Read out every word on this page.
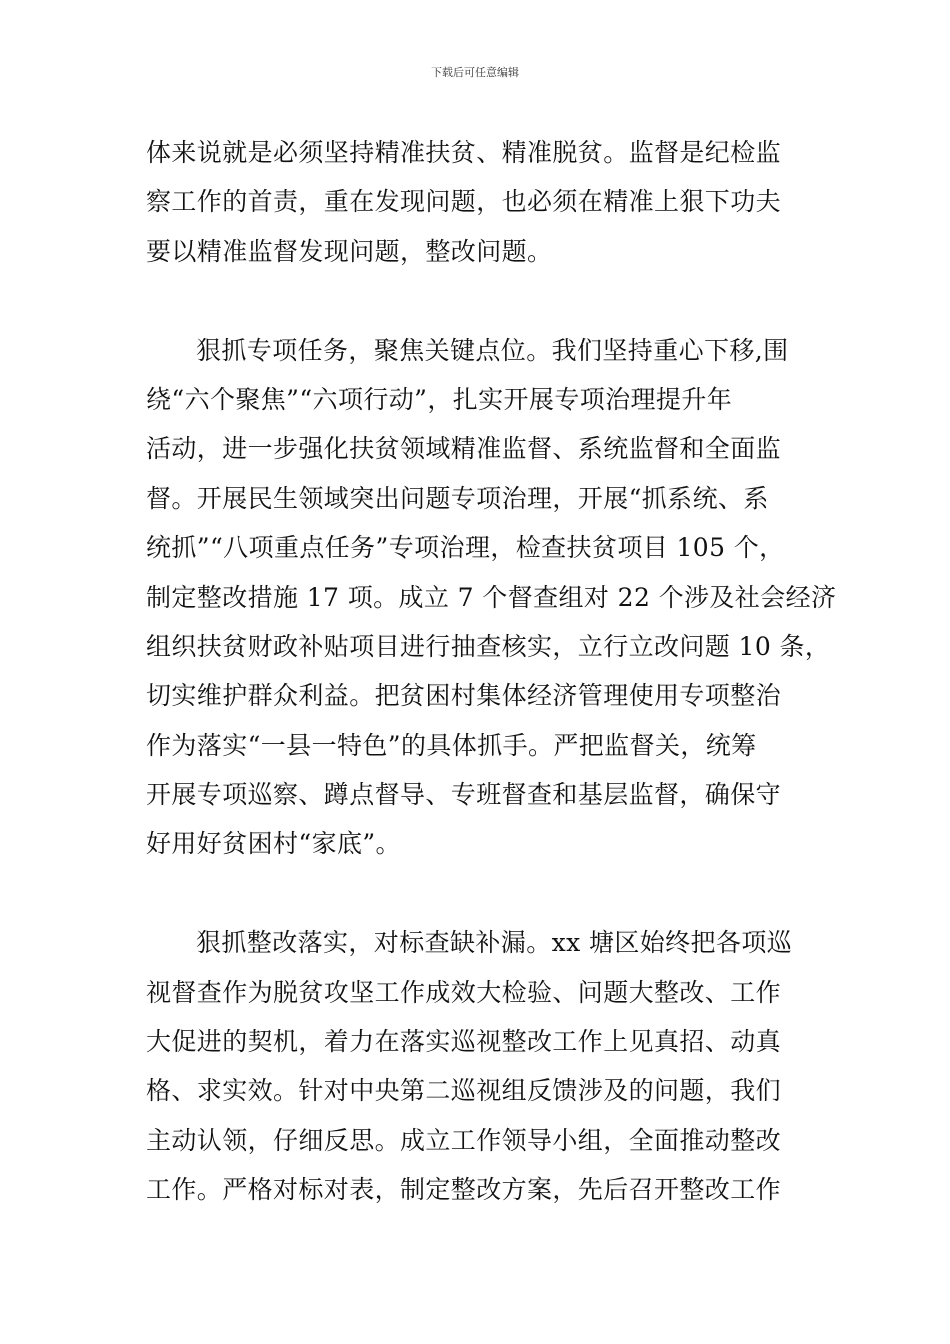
下载后可任意编辑
体来说就是必须坚持精准扶贫、精准脱贫。监督是纪检监
察工作的首责，重在发现问题，也必须在精准上狠下功夫
要以精准监督发现问题，整改问题。
狠抓专项任务，聚焦关键点位。我们坚持重心下移,围
绕“六个聚焦”“六项行动”，扎实开展专项治理提升年
活动，进一步强化扶贫领域精准监督、系统监督和全面监
督。开展民生领域突出问题专项治理，开展“抓系统、系
统抓”“八项重点任务”专项治理，检查扶贫项目 105 个，
制定整改措施 17 项。成立 7 个督查组对 22 个涉及社会经济
组织扶贫财政补贴项目进行抽查核实，立行立改问题 10 条，
切实维护群众利益。把贫困村集体经济管理使用专项整治
作为落实“一县一特色”的具体抓手。严把监督关，统筹
开展专项巡察、蹲点督导、专班督查和基层监督，确保守
好用好贫困村“家底”。
狠抓整改落实，对标查缺补漏。xx 塘区始终把各项巡
视督查作为脱贫攻坚工作成效大检验、问题大整改、工作
大促进的契机，着力在落实巡视整改工作上见真招、动真
格、求实效。针对中央第二巡视组反馈涉及的问题，我们
主动认领，仔细反思。成立工作领导小组，全面推动整改
工作。严格对标对表，制定整改方案，先后召开整改工作
